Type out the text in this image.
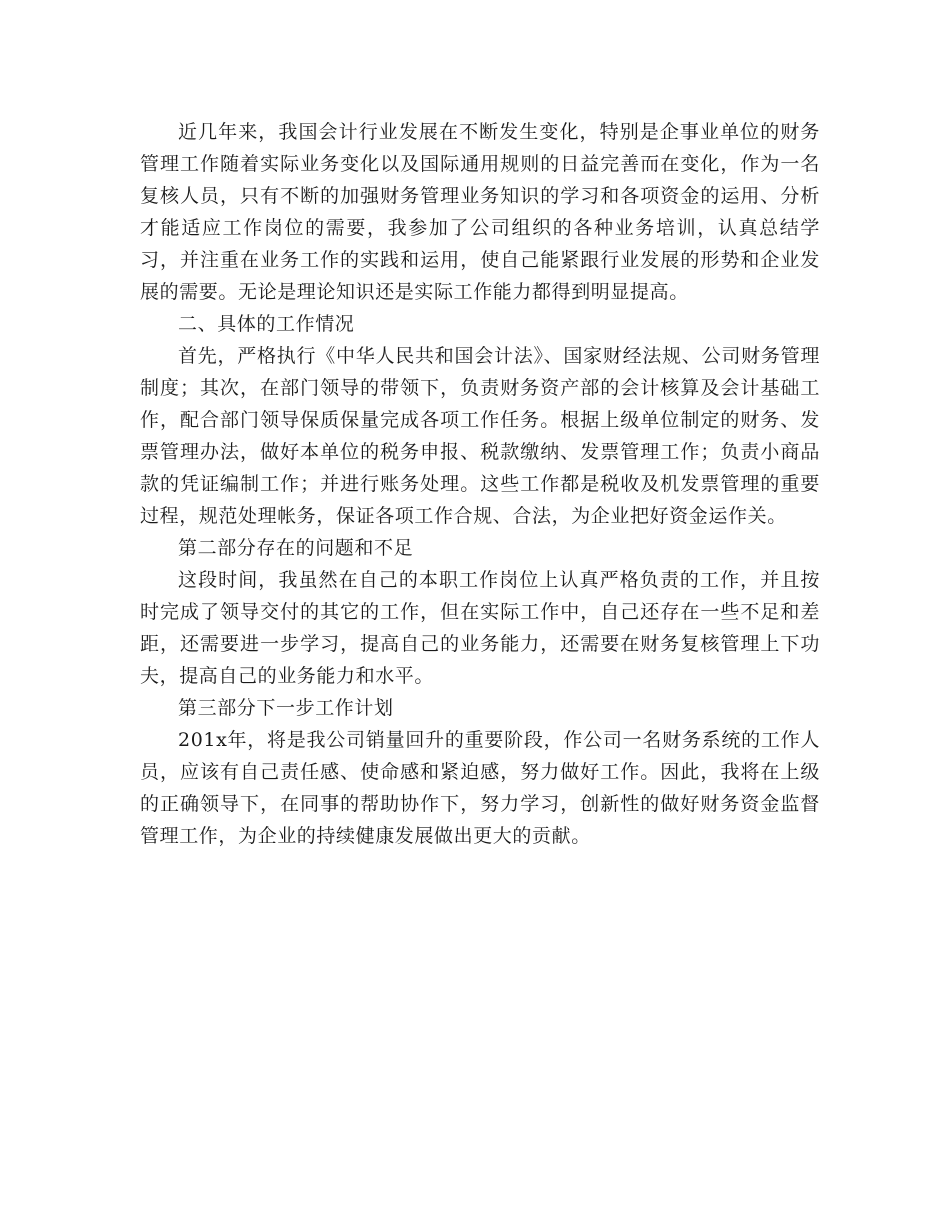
近几年来，我国会计行业发展在不断发生变化，特别是企事业单位的财务管理工作随着实际业务变化以及国际通用规则的日益完善而在变化，作为一名复核人员，只有不断的加强财务管理业务知识的学习和各项资金的运用、分析才能适应工作岗位的需要，我参加了公司组织的各种业务培训，认真总结学习，并注重在业务工作的实践和运用，使自己能紧跟行业发展的形势和企业发展的需要。无论是理论知识还是实际工作能力都得到明显提高。

二、具体的工作情况

首先，严格执行《中华人民共和国会计法》、国家财经法规、公司财务管理制度；其次，在部门领导的带领下，负责财务资产部的会计核算及会计基础工作，配合部门领导保质保量完成各项工作任务。根据上级单位制定的财务、发票管理办法，做好本单位的税务申报、税款缴纳、发票管理工作；负责小商品款的凭证编制工作；并进行账务处理。这些工作都是税收及机发票管理的重要过程，规范处理帐务，保证各项工作合规、合法，为企业把好资金运作关。

第二部分存在的问题和不足

这段时间，我虽然在自己的本职工作岗位上认真严格负责的工作，并且按时完成了领导交付的其它的工作，但在实际工作中，自己还存在一些不足和差距，还需要进一步学习，提高自己的业务能力，还需要在财务复核管理上下功夫，提高自己的业务能力和水平。

第三部分下一步工作计划

201x年，将是我公司销量回升的重要阶段，作公司一名财务系统的工作人员，应该有自己责任感、使命感和紧迫感，努力做好工作。因此，我将在上级的正确领导下，在同事的帮助协作下，努力学习，创新性的做好财务资金监督管理工作，为企业的持续健康发展做出更大的贡献。
